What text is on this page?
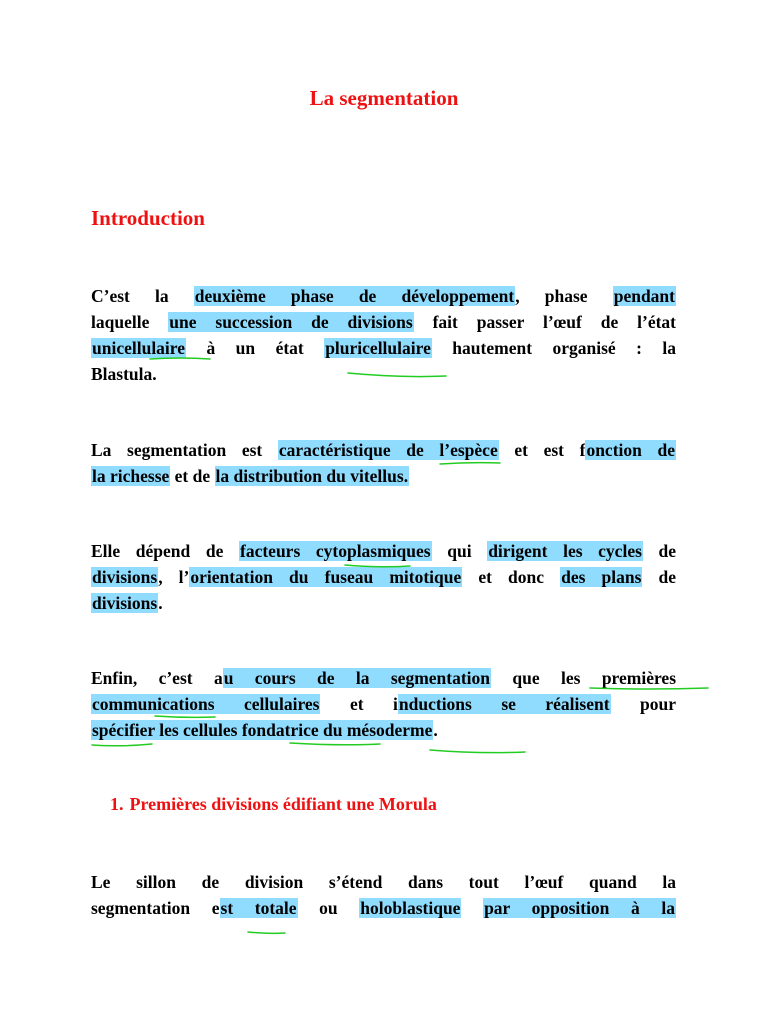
La segmentation
Introduction

C’est la deuxième phase de développement, phase pendant
laquelle une succession de divisions fait passer l’œuf de l’état
unicellulaire à un état pluricellulaire hautement organisé : la
Blastula.

La segmentation est caractéristique de l’espèce et est fonction de
la richesse et de la distribution du vitellus.

Elle dépend de facteurs cytoplasmiques qui dirigent les cycles de
divisions, l’orientation du fuseau mitotique et donc des plans de
divisions.

Enfin, c’est au cours de la segmentation que les premières
communications cellulaires et inductions se réalisent pour
spécifier les cellules fondatrice du mésoderme.

1. Premières divisions édifiant une Morula

Le sillon de division s’étend dans tout l’œuf quand la
segmentation est totale ou holoblastique par opposition à la
